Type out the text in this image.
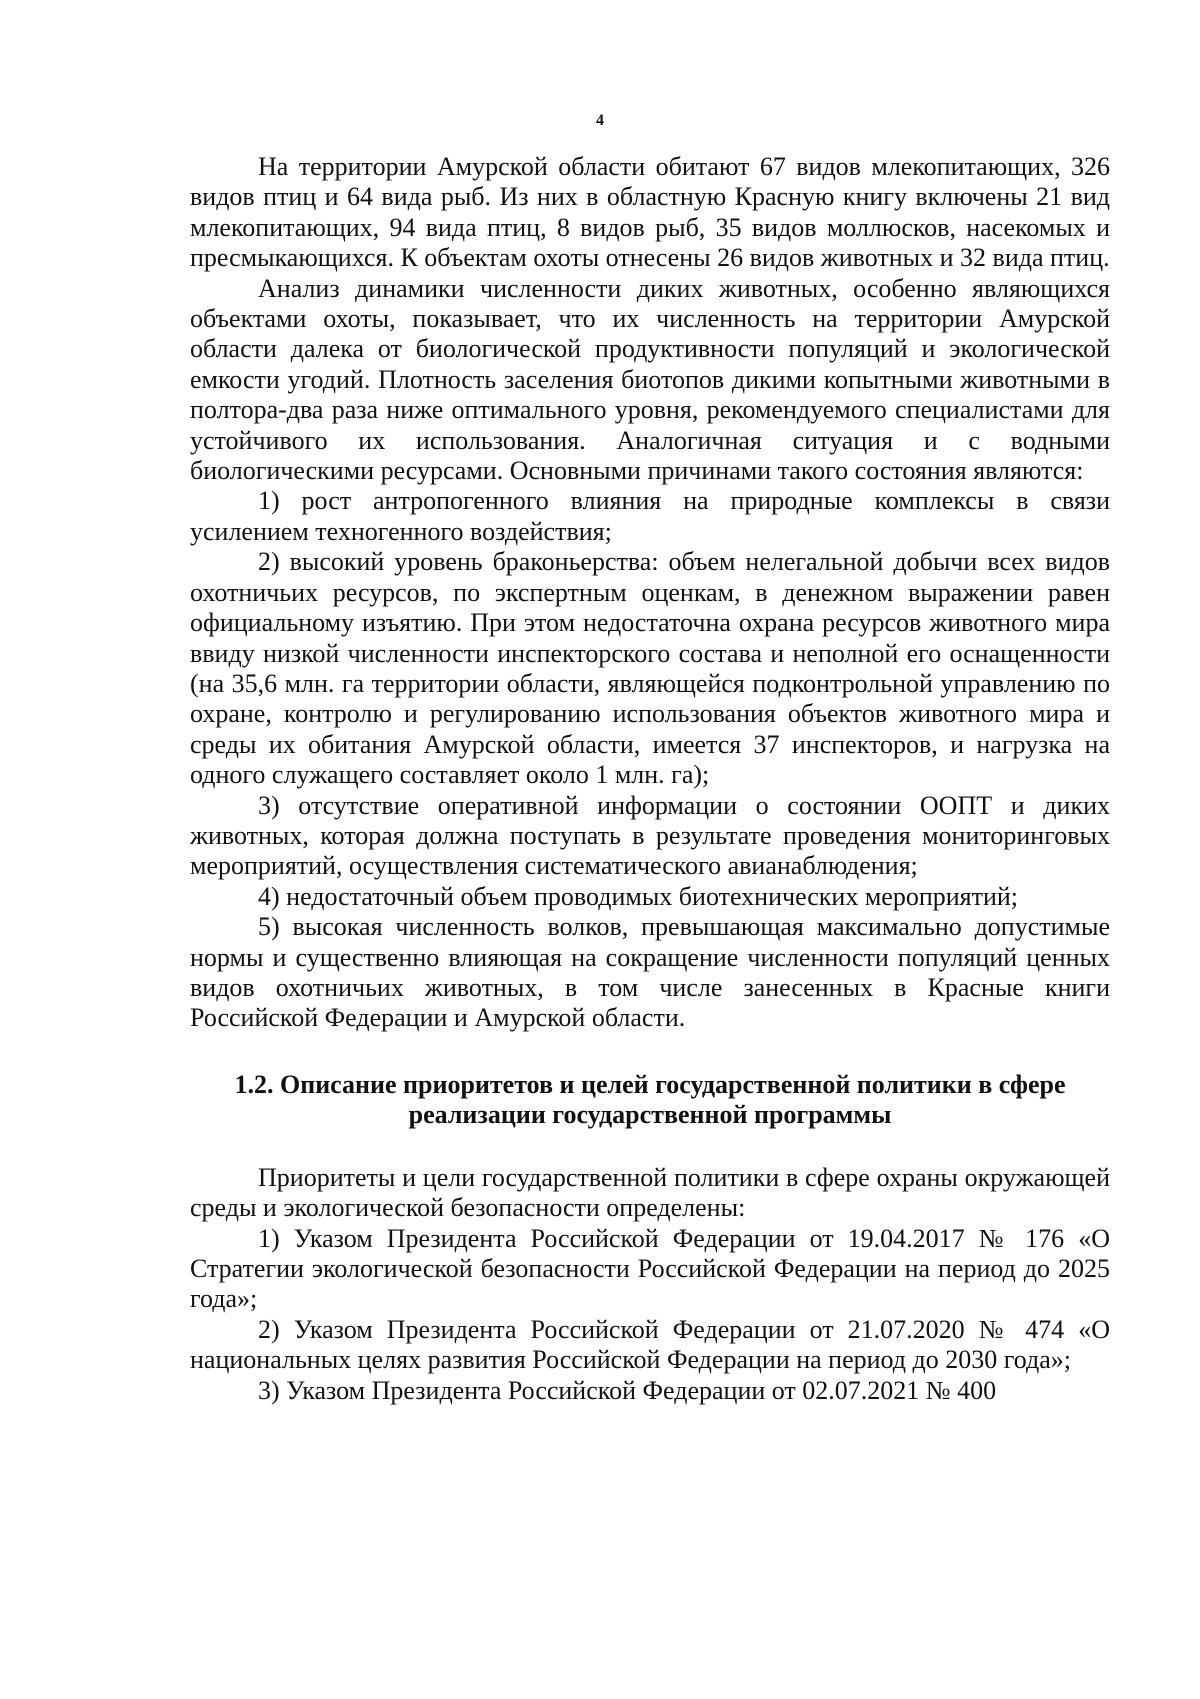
4

На территории Амурской области обитают 67 видов млекопитающих, 326 видов птиц и 64 вида рыб. Из них в областную Красную книгу включены 21 вид млекопитающих, 94 вида птиц, 8 видов рыб, 35 видов моллюсков, насекомых и пресмыкающихся. К объектам охоты отнесены 26 видов животных и 32 вида птиц.

Анализ динамики численности диких животных, особенно являющихся объектами охоты, показывает, что их численность на территории Амурской области далека от биологической продуктивности популяций и экологической емкости угодий. Плотность заселения биотопов дикими копытными животными в полтора-два раза ниже оптимального уровня, рекомендуемого специалистами для устойчивого их использования. Аналогичная ситуация и с водными биологическими ресурсами. Основными причинами такого состояния являются:

1) рост антропогенного влияния на природные комплексы в связи усилением техногенного воздействия;

2) высокий уровень браконьерства: объем нелегальной добычи всех видов охотничьих ресурсов, по экспертным оценкам, в денежном выражении равен официальному изъятию. При этом недостаточна охрана ресурсов животного мира ввиду низкой численности инспекторского состава и неполной его оснащенности (на 35,6 млн. га территории области, являющейся подконтрольной управлению по охране, контролю и регулированию использования объектов животного мира и среды их обитания Амурской области, имеется 37 инспекторов, и нагрузка на одного служащего составляет около 1 млн. га);

3) отсутствие оперативной информации о состоянии ООПТ и диких животных, которая должна поступать в результате проведения мониторинговых мероприятий, осуществления систематического авианаблюдения;

4) недостаточный объем проводимых биотехнических мероприятий;

5) высокая численность волков, превышающая максимально допустимые нормы и существенно влияющая на сокращение численности популяций ценных видов охотничьих животных, в том числе занесенных в Красные книги Российской Федерации и Амурской области.

1.2. Описание приоритетов и целей государственной политики в сфере
реализации государственной программы

Приоритеты и цели государственной политики в сфере охраны окружающей среды и экологической безопасности определены:

1) Указом Президента Российской Федерации от 19.04.2017 № 176 «О Стратегии экологической безопасности Российской Федерации на период до 2025 года»;

2) Указом Президента Российской Федерации от 21.07.2020 № 474 «О национальных целях развития Российской Федерации на период до 2030 года»;

3) Указом Президента Российской Федерации от 02.07.2021 № 400
